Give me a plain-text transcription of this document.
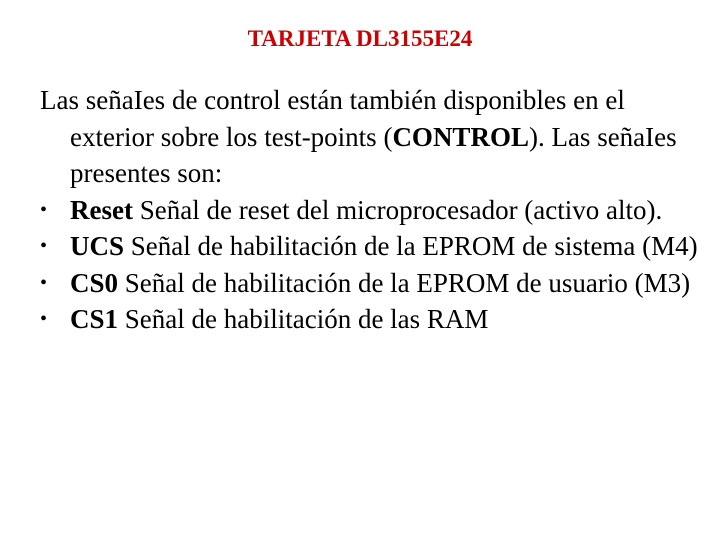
TARJETA DL3155E24

Las señaIes de control están también disponibles en el exterior sobre los test-points (CONTROL). Las señaIes presentes son:

• Reset Señal de reset del microprocesador (activo alto).
• UCS Señal de habilitación de la EPROM de sistema (M4)
• CS0 Señal de habilitación de la EPROM de usuario (M3)
• CS1 Señal de habilitación de las RAM
